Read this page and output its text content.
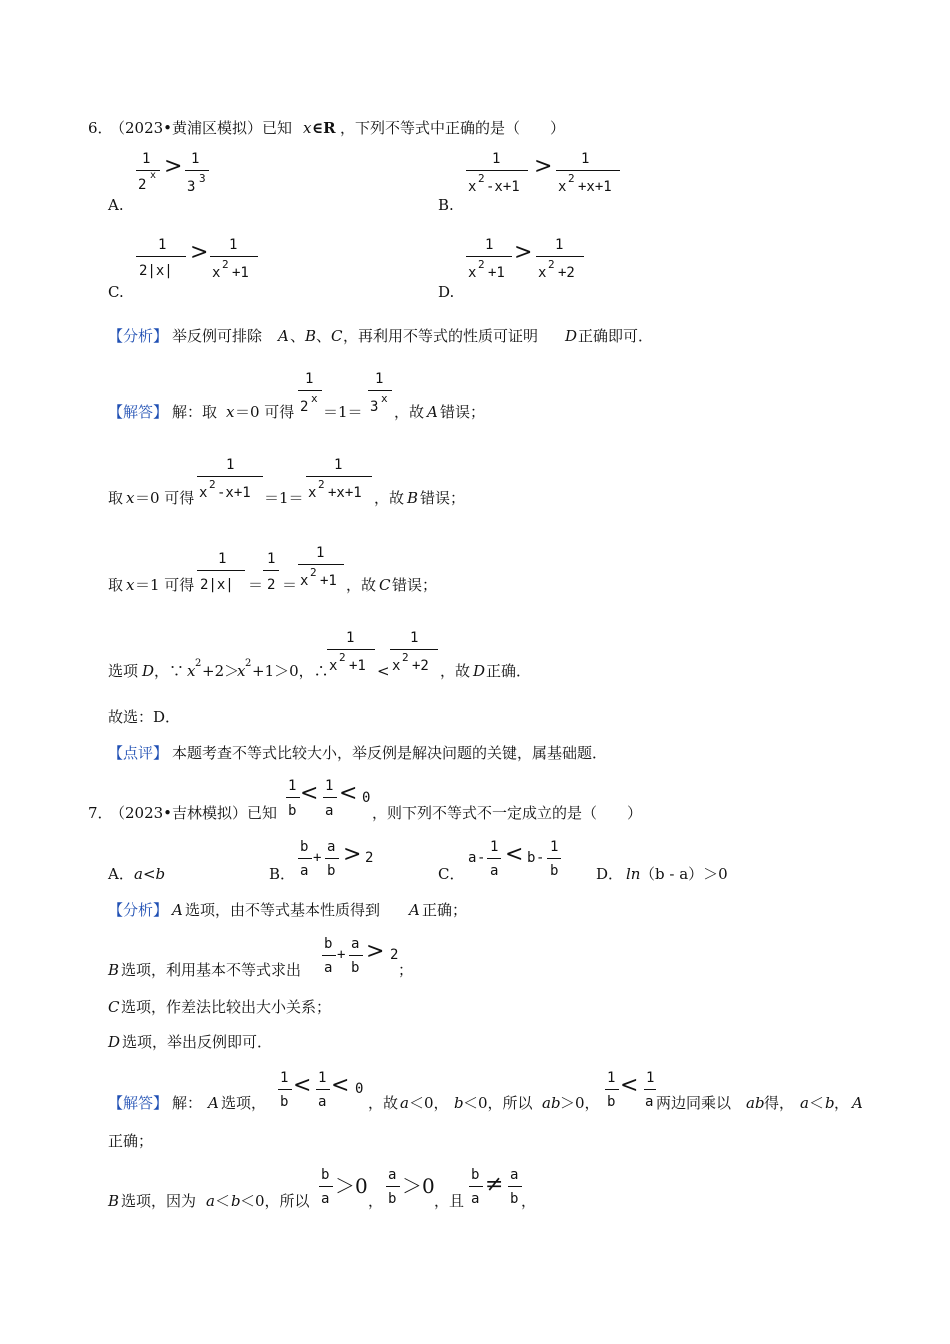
6．
（2023•黄浦区模拟）已知 x ∈R ，下列不等式中正确的是（　　）
1
2
x > 1
3
3
A.
1
x
2
-x+1
> 1
x
2
+x+1
B.
1
2|x|
> 1
x
2
+1
C.
1
x
2
+1
> 1
x
2
+2
D.
【分析】 举反例可排除 A 、 B 、 C ，再利用不等式的性质可证明 D 正确即可．
【解答】 解：取 x ＝0 可得
1
2
x
＝1＝
1
3
x
，故 A 错误；
取 x ＝0 可得
1
x
2
-x+1 ＝1＝
1
x
2
+x+1 ，故 B 错误；
取 x ＝1 可得
1
2|x| ＝
1
2 ＝
1
x
2
+1 ，故 C 错误；
选项 D ，∵ x 2 +2＞
x 2 +1＞0，∴
1
x
2
+1 <
1
x
2
+2 ，故 D 正确．
故选：D．
【点评】 本题考查不等式比较大小，举反例是解决问题的关键，属基础题．
7．
（2023•吉林模拟）已知
1
b
< 1
a
< 0
，则下列不等式不一定成立的是（　　）
A． a<b	B．
b
a
+
a
b
> 2
C．
a -
1
a
< b -
1
b	D． ln （b - a）＞0
【分析】 A 选项，由不等式基本性质得到 A 正确；
B 选项，利用基本不等式求出
b
a
+
a
b
> 2
；
C 选项，作差法比较出大小关系；
D 选项，举出反例即可．
【解答】 解： A 选项，
1
b
< 1
a
< 0
，故 a ＜0， b ＜0，所以 ab ＞0，
1
b
< 1
a 两边同乘以 ab 得， a ＜ b ， A
正确；
B 选项，因为 a ＜ b ＜0，所以
b
a
＞0
，
a
b
＞0
，且
b
a
≠ a
b ，
